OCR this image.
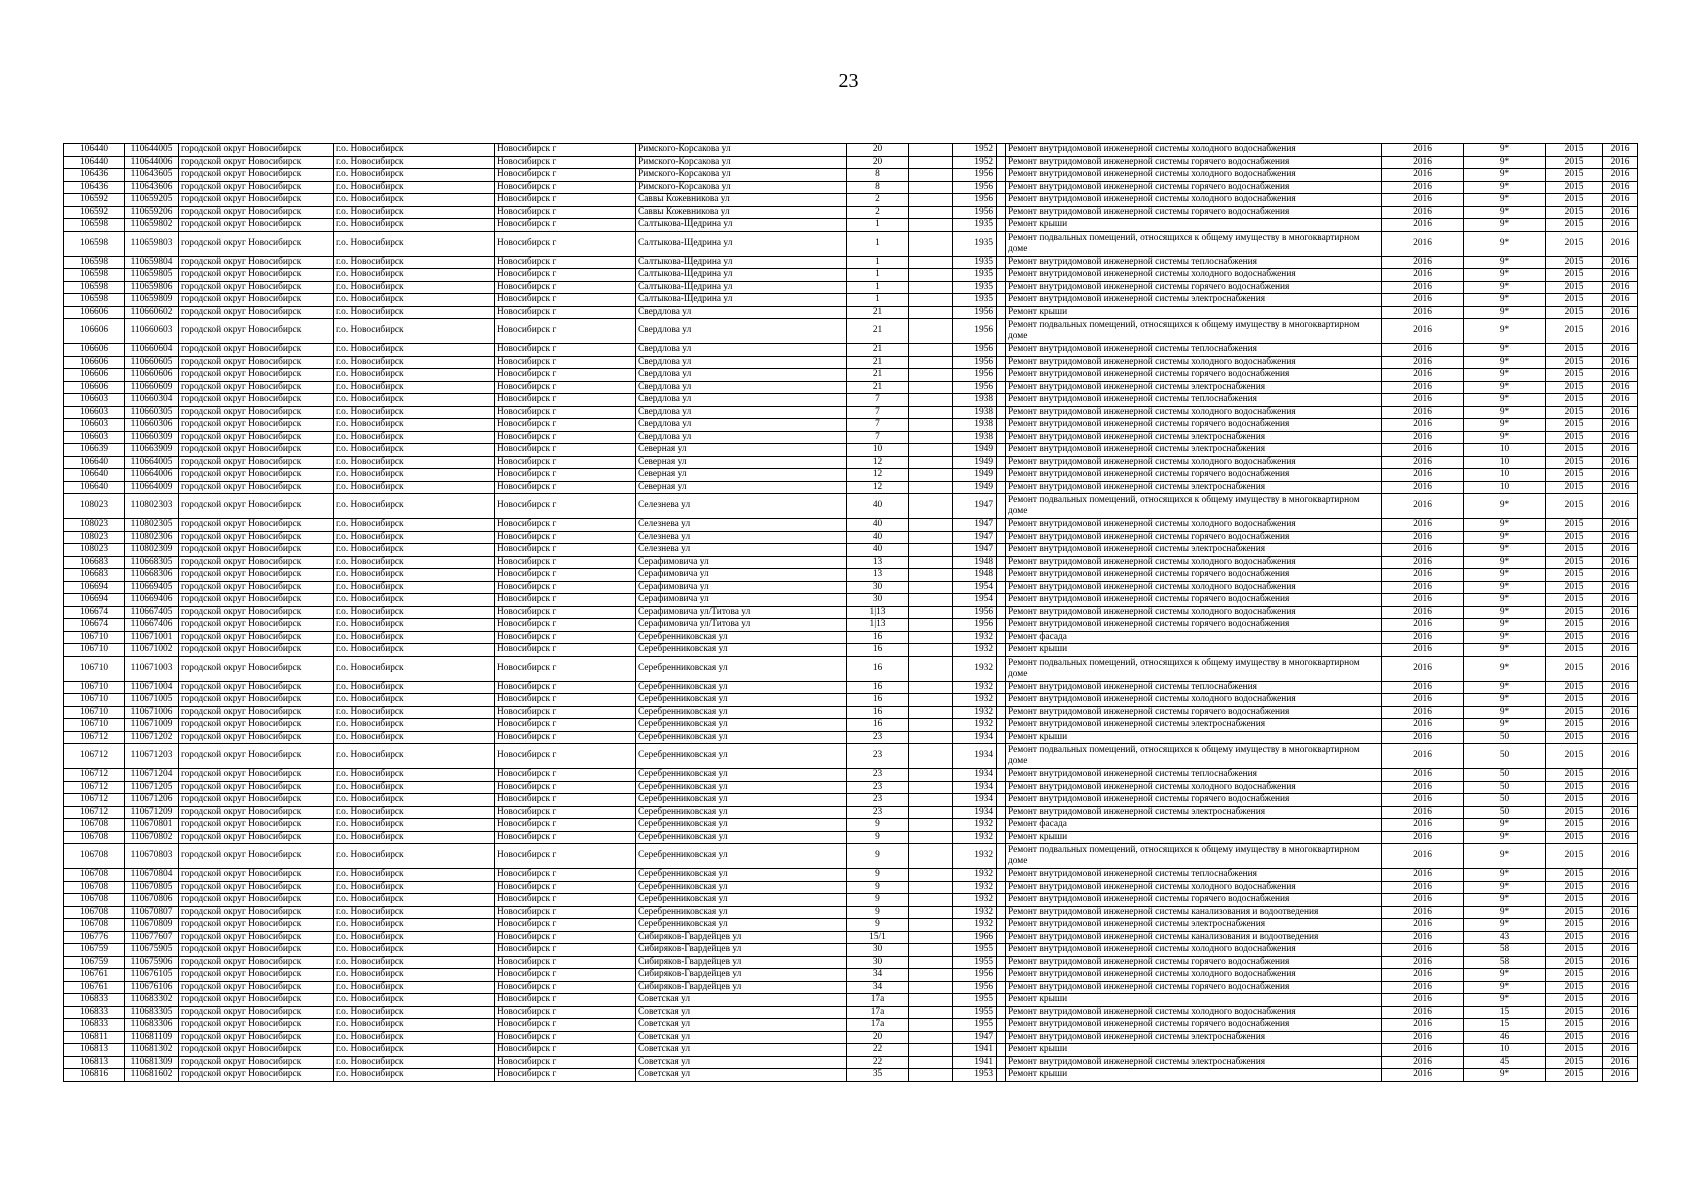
23
106440	110644005	городской округ Новосибирск	г.о. Новосибирск	Новосибирск г	Римского-Корсакова ул	20		1952		Ремонт внутридомовой инженерной системы холодного водоснабжения	2016	9*	2015	2016
106440	110644006	городской округ Новосибирск	г.о. Новосибирск	Новосибирск г	Римского-Корсакова ул	20		1952		Ремонт внутридомовой инженерной системы горячего водоснабжения	2016	9*	2015	2016
106436	110643605	городской округ Новосибирск	г.о. Новосибирск	Новосибирск г	Римского-Корсакова ул	8		1956		Ремонт внутридомовой инженерной системы холодного водоснабжения	2016	9*	2015	2016
106436	110643606	городской округ Новосибирск	г.о. Новосибирск	Новосибирск г	Римского-Корсакова ул	8		1956		Ремонт внутридомовой инженерной системы горячего водоснабжения	2016	9*	2015	2016
106592	110659205	городской округ Новосибирск	г.о. Новосибирск	Новосибирск г	Саввы Кожевникова ул	2		1956		Ремонт внутридомовой инженерной системы холодного водоснабжения	2016	9*	2015	2016
106592	110659206	городской округ Новосибирск	г.о. Новосибирск	Новосибирск г	Саввы Кожевникова ул	2		1956		Ремонт внутридомовой инженерной системы горячего водоснабжения	2016	9*	2015	2016
106598	110659802	городской округ Новосибирск	г.о. Новосибирск	Новосибирск г	Салтыкова-Щедрина ул	1		1935		Ремонт крыши	2016	9*	2015	2016
106598	110659803	городской округ Новосибирск	г.о. Новосибирск	Новосибирск г	Салтыкова-Щедрина ул	1		1935		Ремонт подвальных помещений, относящихся к общему имуществу в многоквартирном доме	2016	9*	2015	2016
106598	110659804	городской округ Новосибирск	г.о. Новосибирск	Новосибирск г	Салтыкова-Щедрина ул	1		1935		Ремонт внутридомовой инженерной системы теплоснабжения	2016	9*	2015	2016
106598	110659805	городской округ Новосибирск	г.о. Новосибирск	Новосибирск г	Салтыкова-Щедрина ул	1		1935		Ремонт внутридомовой инженерной системы холодного водоснабжения	2016	9*	2015	2016
106598	110659806	городской округ Новосибирск	г.о. Новосибирск	Новосибирск г	Салтыкова-Щедрина ул	1		1935		Ремонт внутридомовой инженерной системы горячего водоснабжения	2016	9*	2015	2016
106598	110659809	городской округ Новосибирск	г.о. Новосибирск	Новосибирск г	Салтыкова-Щедрина ул	1		1935		Ремонт внутридомовой инженерной системы электроснабжения	2016	9*	2015	2016
106606	110660602	городской округ Новосибирск	г.о. Новосибирск	Новосибирск г	Свердлова ул	21		1956		Ремонт крыши	2016	9*	2015	2016
106606	110660603	городской округ Новосибирск	г.о. Новосибирск	Новосибирск г	Свердлова ул	21		1956		Ремонт подвальных помещений, относящихся к общему имуществу в многоквартирном доме	2016	9*	2015	2016
106606	110660604	городской округ Новосибирск	г.о. Новосибирск	Новосибирск г	Свердлова ул	21		1956		Ремонт внутридомовой инженерной системы теплоснабжения	2016	9*	2015	2016
106606	110660605	городской округ Новосибирск	г.о. Новосибирск	Новосибирск г	Свердлова ул	21		1956		Ремонт внутридомовой инженерной системы холодного водоснабжения	2016	9*	2015	2016
106606	110660606	городской округ Новосибирск	г.о. Новосибирск	Новосибирск г	Свердлова ул	21		1956		Ремонт внутридомовой инженерной системы горячего водоснабжения	2016	9*	2015	2016
106606	110660609	городской округ Новосибирск	г.о. Новосибирск	Новосибирск г	Свердлова ул	21		1956		Ремонт внутридомовой инженерной системы электроснабжения	2016	9*	2015	2016
106603	110660304	городской округ Новосибирск	г.о. Новосибирск	Новосибирск г	Свердлова ул	7		1938		Ремонт внутридомовой инженерной системы теплоснабжения	2016	9*	2015	2016
106603	110660305	городской округ Новосибирск	г.о. Новосибирск	Новосибирск г	Свердлова ул	7		1938		Ремонт внутридомовой инженерной системы холодного водоснабжения	2016	9*	2015	2016
106603	110660306	городской округ Новосибирск	г.о. Новосибирск	Новосибирск г	Свердлова ул	7		1938		Ремонт внутридомовой инженерной системы горячего водоснабжения	2016	9*	2015	2016
106603	110660309	городской округ Новосибирск	г.о. Новосибирск	Новосибирск г	Свердлова ул	7		1938		Ремонт внутридомовой инженерной системы электроснабжения	2016	9*	2015	2016
106639	110663909	городской округ Новосибирск	г.о. Новосибирск	Новосибирск г	Северная ул	10		1949		Ремонт внутридомовой инженерной системы электроснабжения	2016	10	2015	2016
106640	110664005	городской округ Новосибирск	г.о. Новосибирск	Новосибирск г	Северная ул	12		1949		Ремонт внутридомовой инженерной системы холодного водоснабжения	2016	10	2015	2016
106640	110664006	городской округ Новосибирск	г.о. Новосибирск	Новосибирск г	Северная ул	12		1949		Ремонт внутридомовой инженерной системы горячего водоснабжения	2016	10	2015	2016
106640	110664009	городской округ Новосибирск	г.о. Новосибирск	Новосибирск г	Северная ул	12		1949		Ремонт внутридомовой инженерной системы электроснабжения	2016	10	2015	2016
108023	110802303	городской округ Новосибирск	г.о. Новосибирск	Новосибирск г	Селезнева ул	40		1947		Ремонт подвальных помещений, относящихся к общему имуществу в многоквартирном доме	2016	9*	2015	2016
108023	110802305	городской округ Новосибирск	г.о. Новосибирск	Новосибирск г	Селезнева ул	40		1947		Ремонт внутридомовой инженерной системы холодного водоснабжения	2016	9*	2015	2016
108023	110802306	городской округ Новосибирск	г.о. Новосибирск	Новосибирск г	Селезнева ул	40		1947		Ремонт внутридомовой инженерной системы горячего водоснабжения	2016	9*	2015	2016
108023	110802309	городской округ Новосибирск	г.о. Новосибирск	Новосибирск г	Селезнева ул	40		1947		Ремонт внутридомовой инженерной системы электроснабжения	2016	9*	2015	2016
106683	110668305	городской округ Новосибирск	г.о. Новосибирск	Новосибирск г	Серафимовича ул	13		1948		Ремонт внутридомовой инженерной системы холодного водоснабжения	2016	9*	2015	2016
106683	110668306	городской округ Новосибирск	г.о. Новосибирск	Новосибирск г	Серафимовича ул	13		1948		Ремонт внутридомовой инженерной системы горячего водоснабжения	2016	9*	2015	2016
106694	110669405	городской округ Новосибирск	г.о. Новосибирск	Новосибирск г	Серафимовича ул	30		1954		Ремонт внутридомовой инженерной системы холодного водоснабжения	2016	9*	2015	2016
106694	110669406	городской округ Новосибирск	г.о. Новосибирск	Новосибирск г	Серафимовича ул	30		1954		Ремонт внутридомовой инженерной системы горячего водоснабжения	2016	9*	2015	2016
106674	110667405	городской округ Новосибирск	г.о. Новосибирск	Новосибирск г	Серафимовича ул/Титова ул	1|13		1956		Ремонт внутридомовой инженерной системы холодного водоснабжения	2016	9*	2015	2016
106674	110667406	городской округ Новосибирск	г.о. Новосибирск	Новосибирск г	Серафимовича ул/Титова ул	1|13		1956		Ремонт внутридомовой инженерной системы горячего водоснабжения	2016	9*	2015	2016
106710	110671001	городской округ Новосибирск	г.о. Новосибирск	Новосибирск г	Серебренниковская ул	16		1932		Ремонт фасада	2016	9*	2015	2016
106710	110671002	городской округ Новосибирск	г.о. Новосибирск	Новосибирск г	Серебренниковская ул	16		1932		Ремонт крыши	2016	9*	2015	2016
106710	110671003	городской округ Новосибирск	г.о. Новосибирск	Новосибирск г	Серебренниковская ул	16		1932		Ремонт подвальных помещений, относящихся к общему имуществу в многоквартирном доме	2016	9*	2015	2016
106710	110671004	городской округ Новосибирск	г.о. Новосибирск	Новосибирск г	Серебренниковская ул	16		1932		Ремонт внутридомовой инженерной системы теплоснабжения	2016	9*	2015	2016
106710	110671005	городской округ Новосибирск	г.о. Новосибирск	Новосибирск г	Серебренниковская ул	16		1932		Ремонт внутридомовой инженерной системы холодного водоснабжения	2016	9*	2015	2016
106710	110671006	городской округ Новосибирск	г.о. Новосибирск	Новосибирск г	Серебренниковская ул	16		1932		Ремонт внутридомовой инженерной системы горячего водоснабжения	2016	9*	2015	2016
106710	110671009	городской округ Новосибирск	г.о. Новосибирск	Новосибирск г	Серебренниковская ул	16		1932		Ремонт внутридомовой инженерной системы электроснабжения	2016	9*	2015	2016
106712	110671202	городской округ Новосибирск	г.о. Новосибирск	Новосибирск г	Серебренниковская ул	23		1934		Ремонт крыши	2016	50	2015	2016
106712	110671203	городской округ Новосибирск	г.о. Новосибирск	Новосибирск г	Серебренниковская ул	23		1934		Ремонт подвальных помещений, относящихся к общему имуществу в многоквартирном доме	2016	50	2015	2016
106712	110671204	городской округ Новосибирск	г.о. Новосибирск	Новосибирск г	Серебренниковская ул	23		1934		Ремонт внутридомовой инженерной системы теплоснабжения	2016	50	2015	2016
106712	110671205	городской округ Новосибирск	г.о. Новосибирск	Новосибирск г	Серебренниковская ул	23		1934		Ремонт внутридомовой инженерной системы холодного водоснабжения	2016	50	2015	2016
106712	110671206	городской округ Новосибирск	г.о. Новосибирск	Новосибирск г	Серебренниковская ул	23		1934		Ремонт внутридомовой инженерной системы горячего водоснабжения	2016	50	2015	2016
106712	110671209	городской округ Новосибирск	г.о. Новосибирск	Новосибирск г	Серебренниковская ул	23		1934		Ремонт внутридомовой инженерной системы электроснабжения	2016	50	2015	2016
106708	110670801	городской округ Новосибирск	г.о. Новосибирск	Новосибирск г	Серебренниковская ул	9		1932		Ремонт фасада	2016	9*	2015	2016
106708	110670802	городской округ Новосибирск	г.о. Новосибирск	Новосибирск г	Серебренниковская ул	9		1932		Ремонт крыши	2016	9*	2015	2016
106708	110670803	городской округ Новосибирск	г.о. Новосибирск	Новосибирск г	Серебренниковская ул	9		1932		Ремонт подвальных помещений, относящихся к общему имуществу в многоквартирном доме	2016	9*	2015	2016
106708	110670804	городской округ Новосибирск	г.о. Новосибирск	Новосибирск г	Серебренниковская ул	9		1932		Ремонт внутридомовой инженерной системы теплоснабжения	2016	9*	2015	2016
106708	110670805	городской округ Новосибирск	г.о. Новосибирск	Новосибирск г	Серебренниковская ул	9		1932		Ремонт внутридомовой инженерной системы холодного водоснабжения	2016	9*	2015	2016
106708	110670806	городской округ Новосибирск	г.о. Новосибирск	Новосибирск г	Серебренниковская ул	9		1932		Ремонт внутридомовой инженерной системы горячего водоснабжения	2016	9*	2015	2016
106708	110670807	городской округ Новосибирск	г.о. Новосибирск	Новосибирск г	Серебренниковская ул	9		1932		Ремонт внутридомовой инженерной системы канализования и водоотведения	2016	9*	2015	2016
106708	110670809	городской округ Новосибирск	г.о. Новосибирск	Новосибирск г	Серебренниковская ул	9		1932		Ремонт внутридомовой инженерной системы электроснабжения	2016	9*	2015	2016
106776	110677607	городской округ Новосибирск	г.о. Новосибирск	Новосибирск г	Сибиряков-Гвардейцев ул	15/1		1966		Ремонт внутридомовой инженерной системы канализования и водоотведения	2016	43	2015	2016
106759	110675905	городской округ Новосибирск	г.о. Новосибирск	Новосибирск г	Сибиряков-Гвардейцев ул	30		1955		Ремонт внутридомовой инженерной системы холодного водоснабжения	2016	58	2015	2016
106759	110675906	городской округ Новосибирск	г.о. Новосибирск	Новосибирск г	Сибиряков-Гвардейцев ул	30		1955		Ремонт внутридомовой инженерной системы горячего водоснабжения	2016	58	2015	2016
106761	110676105	городской округ Новосибирск	г.о. Новосибирск	Новосибирск г	Сибиряков-Гвардейцев ул	34		1956		Ремонт внутридомовой инженерной системы холодного водоснабжения	2016	9*	2015	2016
106761	110676106	городской округ Новосибирск	г.о. Новосибирск	Новосибирск г	Сибиряков-Гвардейцев ул	34		1956		Ремонт внутридомовой инженерной системы горячего водоснабжения	2016	9*	2015	2016
106833	110683302	городской округ Новосибирск	г.о. Новосибирск	Новосибирск г	Советская ул	17а		1955		Ремонт крыши	2016	9*	2015	2016
106833	110683305	городской округ Новосибирск	г.о. Новосибирск	Новосибирск г	Советская ул	17а		1955		Ремонт внутридомовой инженерной системы холодного водоснабжения	2016	15	2015	2016
106833	110683306	городской округ Новосибирск	г.о. Новосибирск	Новосибирск г	Советская ул	17а		1955		Ремонт внутридомовой инженерной системы горячего водоснабжения	2016	15	2015	2016
106811	110681109	городской округ Новосибирск	г.о. Новосибирск	Новосибирск г	Советская ул	20		1947		Ремонт внутридомовой инженерной системы электроснабжения	2016	46	2015	2016
106813	110681302	городской округ Новосибирск	г.о. Новосибирск	Новосибирск г	Советская ул	22		1941		Ремонт крыши	2016	10	2015	2016
106813	110681309	городской округ Новосибирск	г.о. Новосибирск	Новосибирск г	Советская ул	22		1941		Ремонт внутридомовой инженерной системы электроснабжения	2016	45	2015	2016
106816	110681602	городской округ Новосибирск	г.о. Новосибирск	Новосибирск г	Советская ул	35		1953		Ремонт крыши	2016	9*	2015	2016
